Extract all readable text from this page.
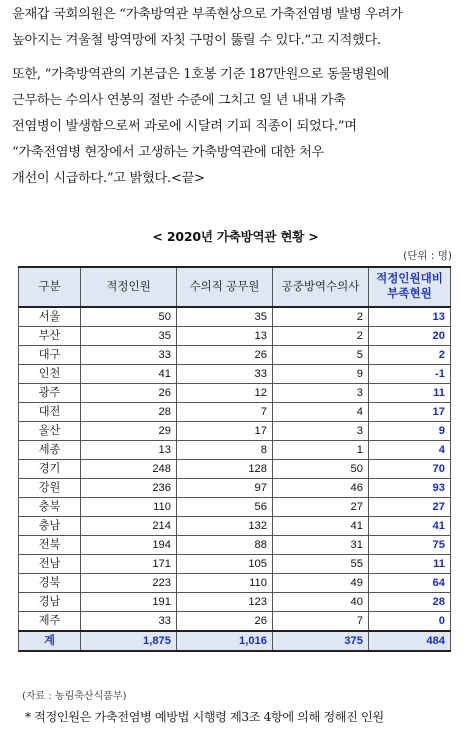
윤재갑 국회의원은 “가축방역관 부족현상으로 가축전염병 발병 우려가
높아지는 겨울철 방역망에 자칫 구멍이 뚫릴 수 있다.”고 지적했다.

또한, “가축방역관의 기본급은 1호봉 기준 187만원으로 동물병원에
근무하는 수의사 연봉의 절반 수준에 그치고 일 년 내내 가축
전염병이 발생함으로써 과로에 시달려 기피 직종이 되었다.”며
“가축전염병 현장에서 고생하는 가축방역관에 대한 처우
개선이 시급하다.”고 밝혔다.<끝>

< 2020년 가축방역관 현황 >
(단위 : 명)
구분	적정인원	수의직 공무원	공중방역수의사	적정인원대비 부족현원
서울	50	35	2	13
부산	35	13	2	20
대구	33	26	5	2
인천	41	33	9	-1
광주	26	12	3	11
대전	28	7	4	17
울산	29	17	3	9
세종	13	8	1	4
경기	248	128	50	70
강원	236	97	46	93
충북	110	56	27	27
충남	214	132	41	41
전북	194	88	31	75
전남	171	105	55	11
경북	223	110	49	64
경남	191	123	40	28
제주	33	26	7	0
계	1,875	1,016	375	484
(자료 : 농림축산식품부)
* 적정인원은 가축전염병 예방법 시행령 제3조 4항에 의해 정해진 인원
